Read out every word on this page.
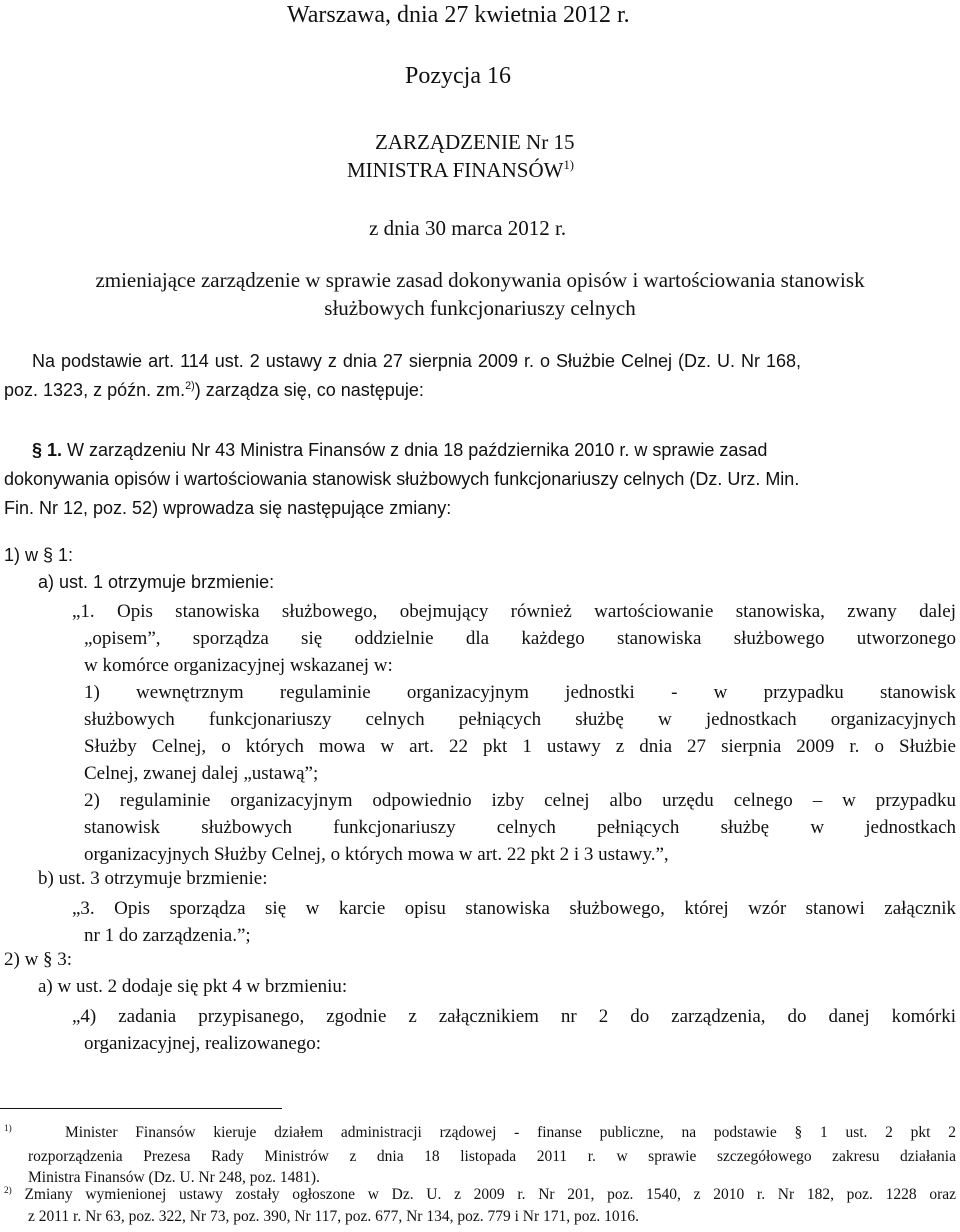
Warszawa, dnia 27 kwietnia 2012 r.
Pozycja 16
ZARZĄDZENIE Nr 15
MINISTRA FINANSÓW$^{1)}$
z dnia 30 marca 2012 r.
zmieniające zarządzenie w sprawie zasad dokonywania opisów i wartościowania stanowisk
służbowych funkcjonariuszy celnych
Na podstawie art. 114 ust. 2 ustawy z dnia 27 sierpnia 2009 r. o Służbie Celnej (Dz. U. Nr 168,
poz. 1323, z późn. zm.$^{2)}$) zarządza się, co następuje:
§ 1. W zarządzeniu Nr 43 Ministra Finansów z dnia 18 października 2010 r. w sprawie zasad
dokonywania opisów i wartościowania stanowisk służbowych funkcjonariuszy celnych (Dz. Urz. Min.
Fin. Nr 12, poz. 52) wprowadza się następujące zmiany:
1) w § 1:
a) ust. 1 otrzymuje brzmienie:
„1. Opis stanowiska służbowego, obejmujący również wartościowanie stanowiska, zwany dalej
„opisem”, sporządza się oddzielnie dla każdego stanowiska służbowego utworzonego
w komórce organizacyjnej wskazanej w:
1) wewnętrznym regulaminie organizacyjnym jednostki - w przypadku stanowisk
służbowych funkcjonariuszy celnych pełniących służbę w jednostkach organizacyjnych
Służby Celnej, o których mowa w art. 22 pkt 1 ustawy z dnia 27 sierpnia 2009 r. o Służbie
Celnej, zwanej dalej „ustawą”;
2) regulaminie organizacyjnym odpowiednio izby celnej albo urzędu celnego – w przypadku
stanowisk służbowych funkcjonariuszy celnych pełniących służbę w jednostkach
organizacyjnych Służby Celnej, o których mowa w art. 22 pkt 2 i 3 ustawy.”,
b) ust. 3 otrzymuje brzmienie:
„3. Opis sporządza się w karcie opisu stanowiska służbowego, której wzór stanowi załącznik
nr 1 do zarządzenia.”;
2) w § 3:
a) w ust. 2 dodaje się pkt 4 w brzmieniu:
„4) zadania przypisanego, zgodnie z załącznikiem nr 2 do zarządzenia, do danej komórki
organizacyjnej, realizowanego:
$^{1)}$	Minister Finansów kieruje działem administracji rządowej - finanse publiczne, na podstawie § 1 ust. 2 pkt 2
rozporządzenia Prezesa Rady Ministrów z dnia 18 listopada 2011 r. w sprawie szczegółowego zakresu działania
Ministra Finansów (Dz. U. Nr 248, poz. 1481).
$^{2)}$ Zmiany wymienionej ustawy zostały ogłoszone w Dz. U. z 2009 r. Nr 201, poz. 1540, z 2010 r. Nr 182, poz. 1228 oraz
z 2011 r. Nr 63, poz. 322, Nr 73, poz. 390, Nr 117, poz. 677, Nr 134, poz. 779 i Nr 171, poz. 1016.
